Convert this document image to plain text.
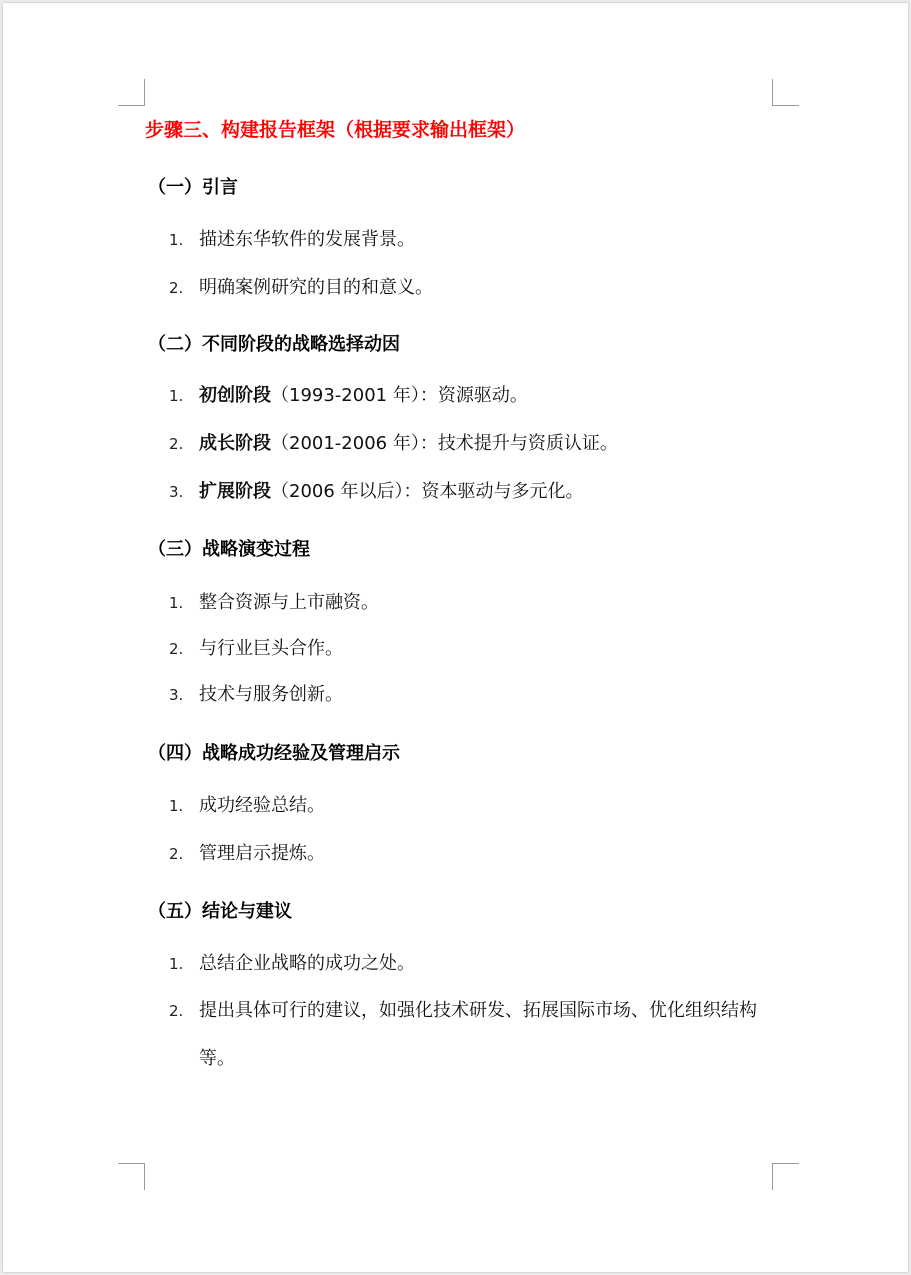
步骤三、构建报告框架（根据要求输出框架）
（一）引言
1. 描述东华软件的发展背景。
2. 明确案例研究的目的和意义。
（二）不同阶段的战略选择动因
1. 初创阶段（1993-2001 年）：资源驱动。
2. 成长阶段（2001-2006 年）：技术提升与资质认证。
3. 扩展阶段（2006 年以后）：资本驱动与多元化。
（三）战略演变过程
1. 整合资源与上市融资。
2. 与行业巨头合作。
3. 技术与服务创新。
（四）战略成功经验及管理启示
1. 成功经验总结。
2. 管理启示提炼。
（五）结论与建议
1. 总结企业战略的成功之处。
2. 提出具体可行的建议，如强化技术研发、拓展国际市场、优化组织结构等。
